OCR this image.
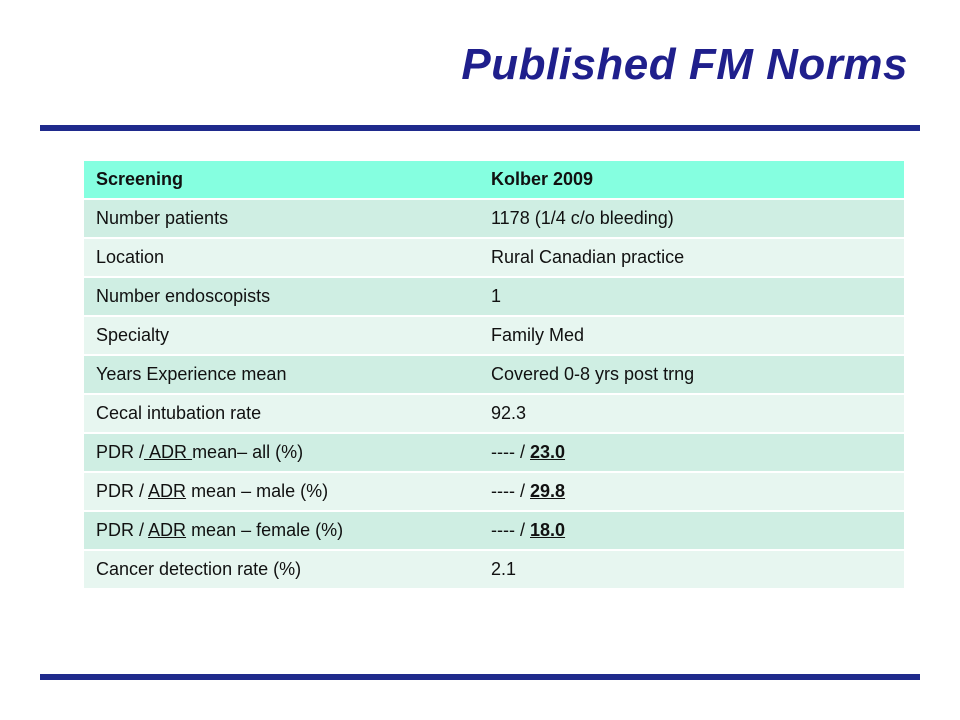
Published FM Norms
Screening	Kolber 2009
Number patients	1178 (1/4 c/o bleeding)
Location	Rural Canadian practice
Number endoscopists	1
Specialty	Family Med
Years Experience mean	Covered 0-8 yrs post trng
Cecal intubation rate	92.3
PDR / ADR mean– all (%)	---- / 23.0
PDR / ADR mean – male (%)	---- / 29.8
PDR / ADR mean – female (%)	---- / 18.0
Cancer detection rate (%)	2.1
